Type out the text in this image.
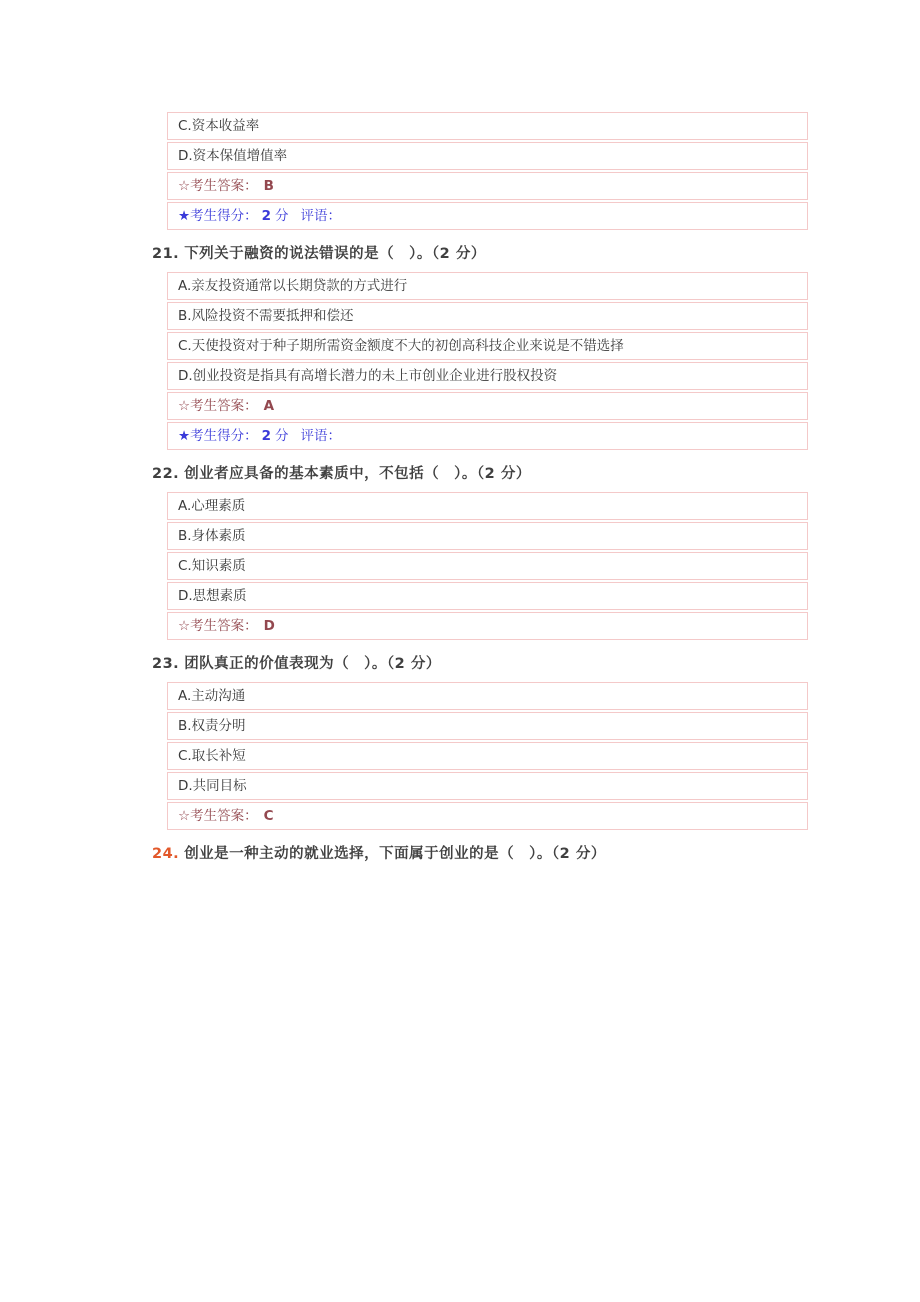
C.资本收益率
D.资本保值增值率
☆考生答案： B
★考生得分： 2 分 评语：
21. 下列关于融资的说法错误的是（　）。（2 分）
A.亲友投资通常以长期贷款的方式进行
B.风险投资不需要抵押和偿还
C.天使投资对于种子期所需资金额度不大的初创高科技企业来说是不错选择
D.创业投资是指具有高增长潜力的未上市创业企业进行股权投资
☆考生答案： A
★考生得分： 2 分 评语：
22. 创业者应具备的基本素质中，不包括（　）。（2 分）
A.心理素质
B.身体素质
C.知识素质
D.思想素质
☆考生答案： D
23. 团队真正的价值表现为（　）。（2 分）
A.主动沟通
B.权责分明
C.取长补短
D.共同目标
☆考生答案： C
24. 创业是一种主动的就业选择，下面属于创业的是（　）。（2 分）
